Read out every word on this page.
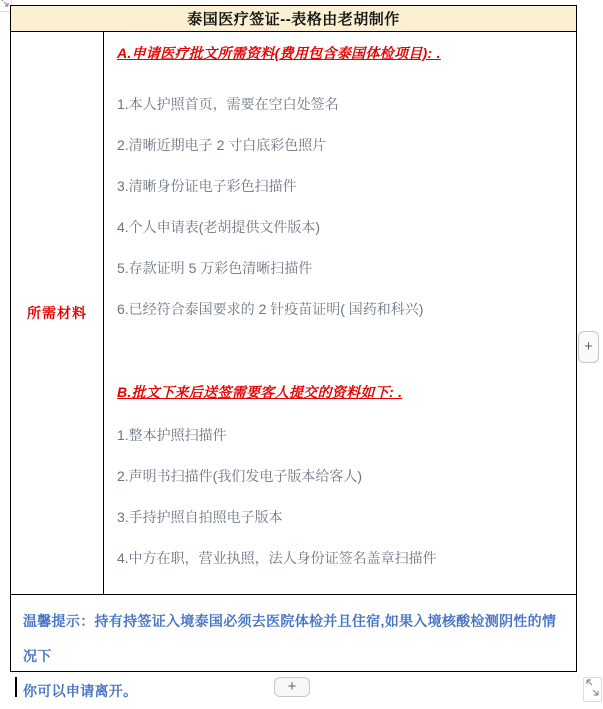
泰国医疗签证--表格由老胡制作
所需材料

A.申请医疗批文所需资料(费用包含泰国体检项目): .

1.本人护照首页，需要在空白处签名

2.清晰近期电子 2 寸白底彩色照片

3.清晰身份证电子彩色扫描件

4.个人申请表(老胡提供文件版本)

5.存款证明 5 万彩色清晰扫描件

6.已经符合泰国要求的 2 针疫苗证明( 国药和科兴)

B.批文下来后送签需要客人提交的资料如下: .

1.整本护照扫描件

2.声明书扫描件(我们发电子版本给客人)

3.手持护照自拍照电子版本

4.中方在职，营业执照，法人身份证签名盖章扫描件

温馨提示：持有持签证入境泰国必须去医院体检并且住宿,如果入境核酸检测阴性的情况下
你可以申请离开。
+
+
